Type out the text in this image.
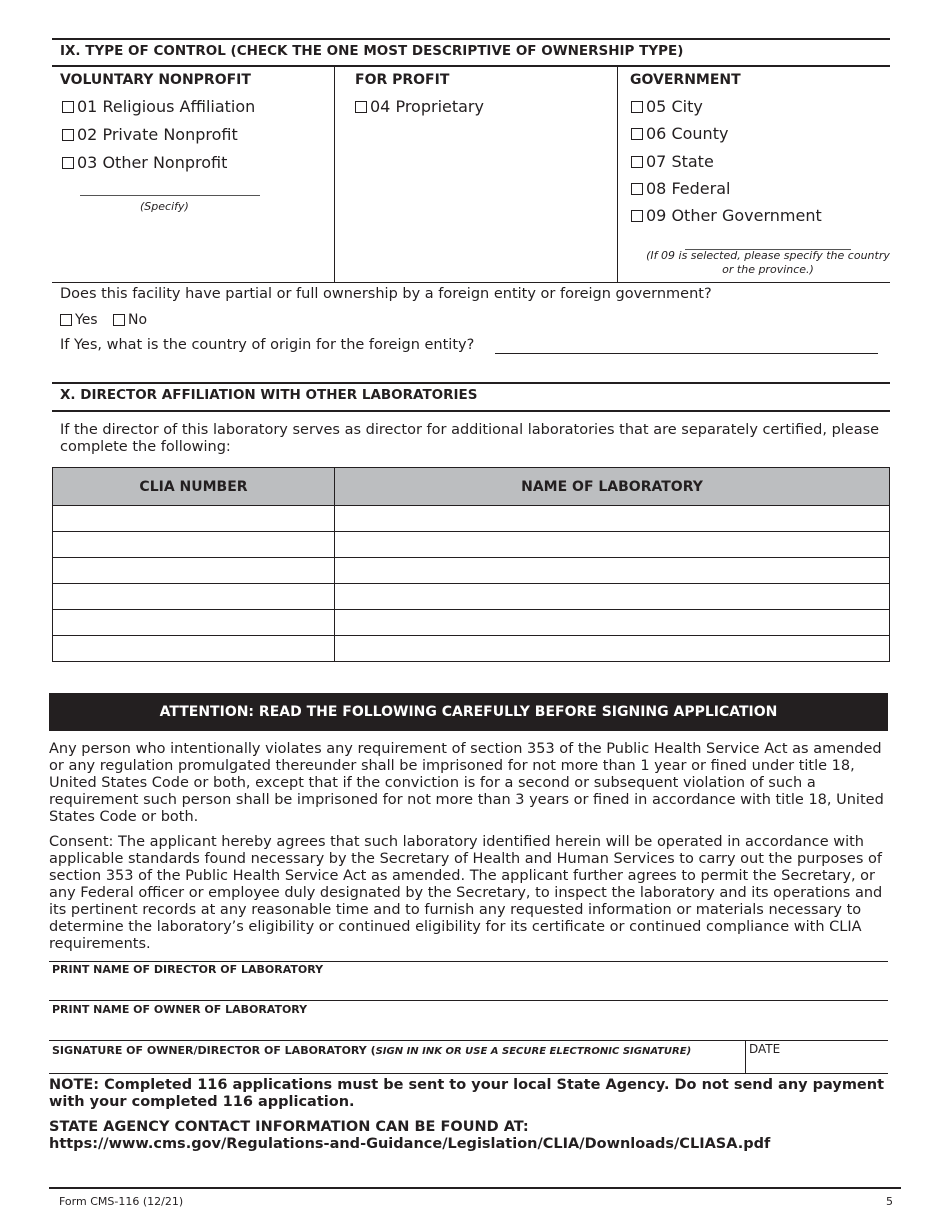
IX. TYPE OF CONTROL (CHECK THE ONE MOST DESCRIPTIVE OF OWNERSHIP TYPE)
VOLUNTARY NONPROFIT
01 Religious Affiliation
02 Private Nonprofit
03 Other Nonprofit
(Specify)
FOR PROFIT
04 Proprietary
GOVERNMENT
05 City
06 County
07 State
08 Federal
09 Other Government
(If 09 is selected, please specify the country
or the province.)
Does this facility have partial or full ownership by a foreign entity or foreign government?
Yes No
If Yes, what is the country of origin for the foreign entity?
X. DIRECTOR AFFILIATION WITH OTHER LABORATORIES
If the director of this laboratory serves as director for additional laboratories that are separately certified, please complete the following:
CLIA NUMBER	NAME OF LABORATORY

ATTENTION: READ THE FOLLOWING CAREFULLY BEFORE SIGNING APPLICATION
Any person who intentionally violates any requirement of section 353 of the Public Health Service Act as amended or any regulation promulgated thereunder shall be imprisoned for not more than 1 year or fined under title 18, United States Code or both, except that if the conviction is for a second or subsequent violation of such a requirement such person shall be imprisoned for not more than 3 years or fined in accordance with title 18, United States Code or both.
Consent: The applicant hereby agrees that such laboratory identified herein will be operated in accordance with applicable standards found necessary by the Secretary of Health and Human Services to carry out the purposes of section 353 of the Public Health Service Act as amended. The applicant further agrees to permit the Secretary, or any Federal officer or employee duly designated by the Secretary, to inspect the laboratory and its operations and its pertinent records at any reasonable time and to furnish any requested information or materials necessary to determine the laboratory’s eligibility or continued eligibility for its certificate or continued compliance with CLIA requirements.
PRINT NAME OF DIRECTOR OF LABORATORY
PRINT NAME OF OWNER OF LABORATORY
SIGNATURE OF OWNER/DIRECTOR OF LABORATORY (SIGN IN INK OR USE A SECURE ELECTRONIC SIGNATURE)	DATE
NOTE: Completed 116 applications must be sent to your local State Agency. Do not send any payment with your completed 116 application.
STATE AGENCY CONTACT INFORMATION CAN BE FOUND AT:
https://www.cms.gov/Regulations-and-Guidance/Legislation/CLIA/Downloads/CLIASA.pdf
Form CMS-116 (12/21)	5
